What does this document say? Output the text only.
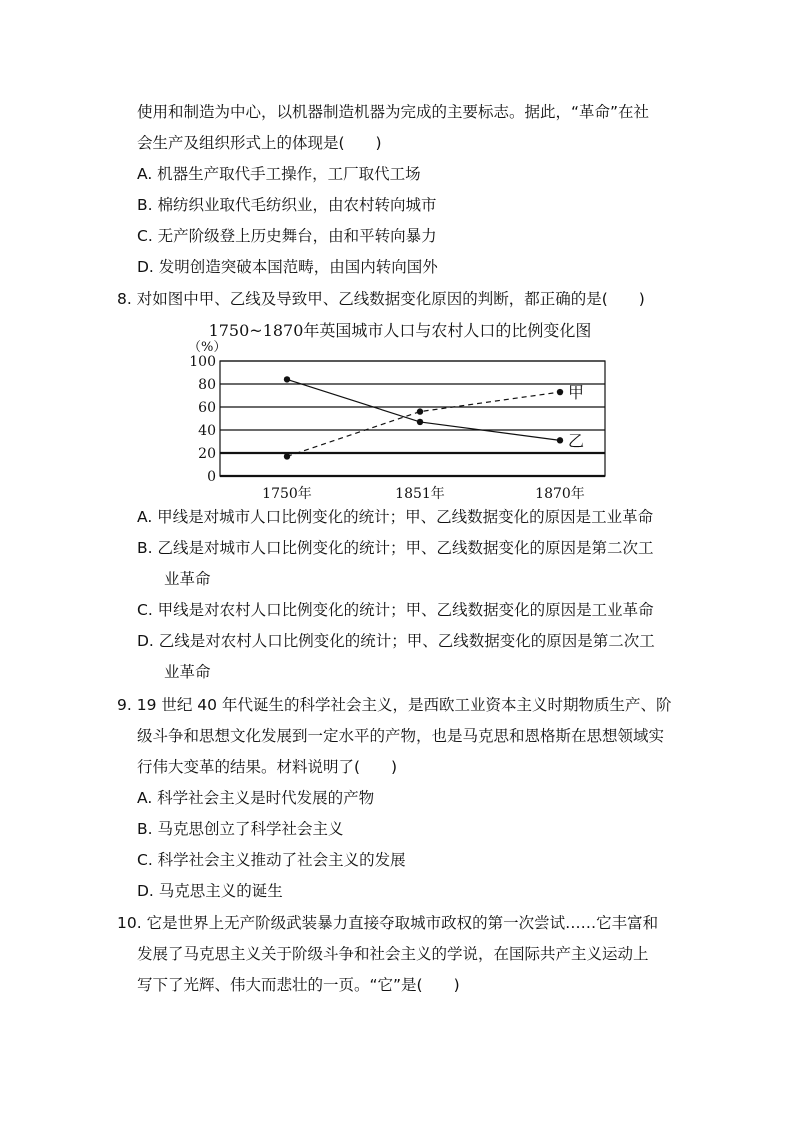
使用和制造为中心，以机器制造机器为完成的主要标志。据此，“革命”在社
会生产及组织形式上的体现是(　　)
A. 机器生产取代手工操作，工厂取代工场
B. 棉纺织业取代毛纺织业，由农村转向城市
C. 无产阶级登上历史舞台，由和平转向暴力
D. 发明创造突破本国范畴，由国内转向国外
8. 对如图中甲、乙线及导致甲、乙线数据变化原因的判断，都正确的是(　　)
1750~1870年英国城市人口与农村人口的比例变化图
（%）
100
80
60
40
20
0
1750年	1851年	1870年
甲
乙
A. 甲线是对城市人口比例变化的统计；甲、乙线数据变化的原因是工业革命
B. 乙线是对城市人口比例变化的统计；甲、乙线数据变化的原因是第二次工
业革命
C. 甲线是对农村人口比例变化的统计；甲、乙线数据变化的原因是工业革命
D. 乙线是对农村人口比例变化的统计；甲、乙线数据变化的原因是第二次工
业革命
9. 19 世纪 40 年代诞生的科学社会主义，是西欧工业资本主义时期物质生产、阶
级斗争和思想文化发展到一定水平的产物，也是马克思和恩格斯在思想领域实
行伟大变革的结果。材料说明了(　　)
A. 科学社会主义是时代发展的产物
B. 马克思创立了科学社会主义
C. 科学社会主义推动了社会主义的发展
D. 马克思主义的诞生
10. 它是世界上无产阶级武装暴力直接夺取城市政权的第一次尝试……它丰富和
发展了马克思主义关于阶级斗争和社会主义的学说，在国际共产主义运动上
写下了光辉、伟大而悲壮的一页。“它”是(　　)
